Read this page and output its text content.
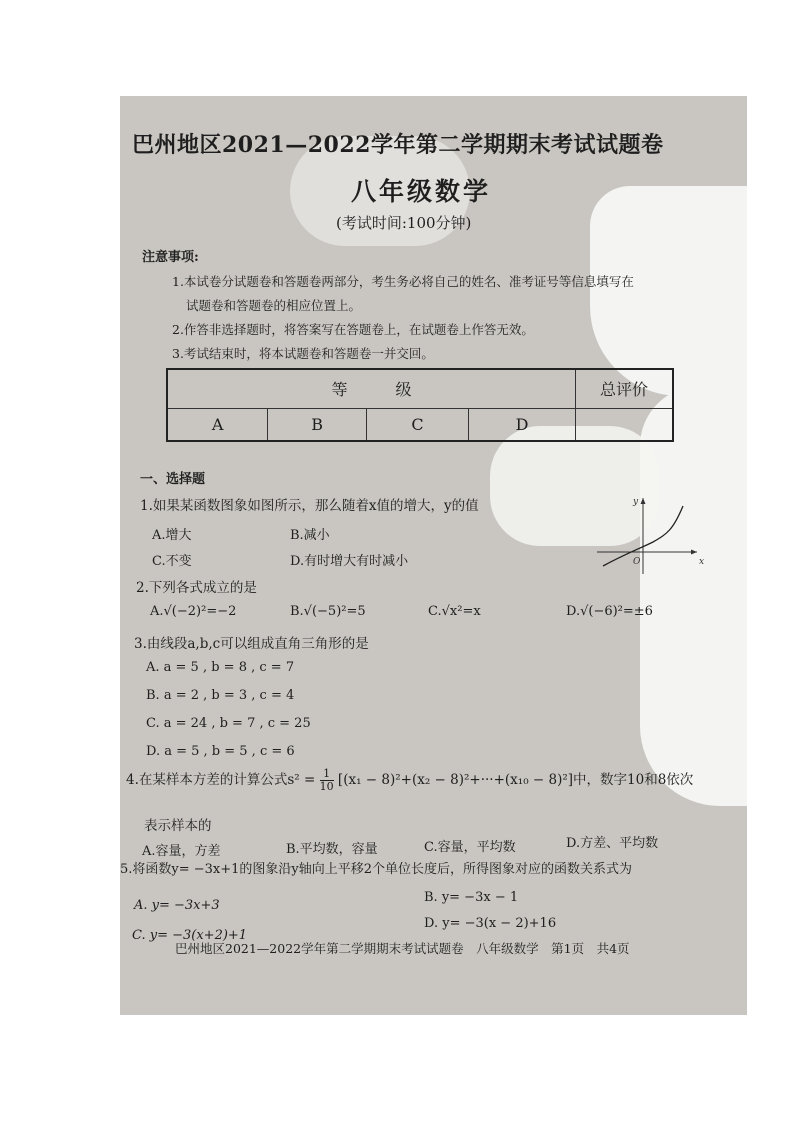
巴州地区2021—2022学年第二学期期末考试试题卷
八年级数学
(考试时间:100分钟)
注意事项:
1.本试卷分试题卷和答题卷两部分，考生务必将自己的姓名、准考证号等信息填写在
试题卷和答题卷的相应位置上。
2.作答非选择题时，将答案写在答题卷上，在试题卷上作答无效。
3.考试结束时，将本试题卷和答题卷一并交回。
等　　　级				总评价
A	B	C	D	
一、选择题
1.如果某函数图象如图所示，那么随着x值的增大，y的值
A.增大	B.减小
C.不变	D.有时增大有时减小
2.下列各式成立的是
A.√(−2)²=−2	B.√(−5)²=5	C.√x²=x	D.√(−6)²=±6
3.由线段a,b,c可以组成直角三角形的是
A. a = 5 , b = 8 , c = 7
B. a = 2 , b = 3 , c = 4
C. a = 24 , b = 7 , c = 25
D. a = 5 , b = 5 , c = 6
4.在某样本方差的计算公式$s^2 = \frac{1}{10} [(x_1 - 8)^2+(x_2 - 8)^2+\cdot\cdot\cdot+(x_{10} - 8)^2]$中，数字10和8依次
表示样本的
A.容量，方差	B.平均数，容量	C.容量，平均数	D.方差、平均数
5.将函数y= −3x+1的图象沿y轴向上平移2个单位长度后，所得图象对应的函数关系式为
A. y= −3x+3
B. y= −3x − 1
C. y= −3(x+2)+1
D. y= −3(x − 2)+16
巴州地区2021—2022学年第二学期期末考试试题卷　八年级数学　第1页　共4页
x
y
O
